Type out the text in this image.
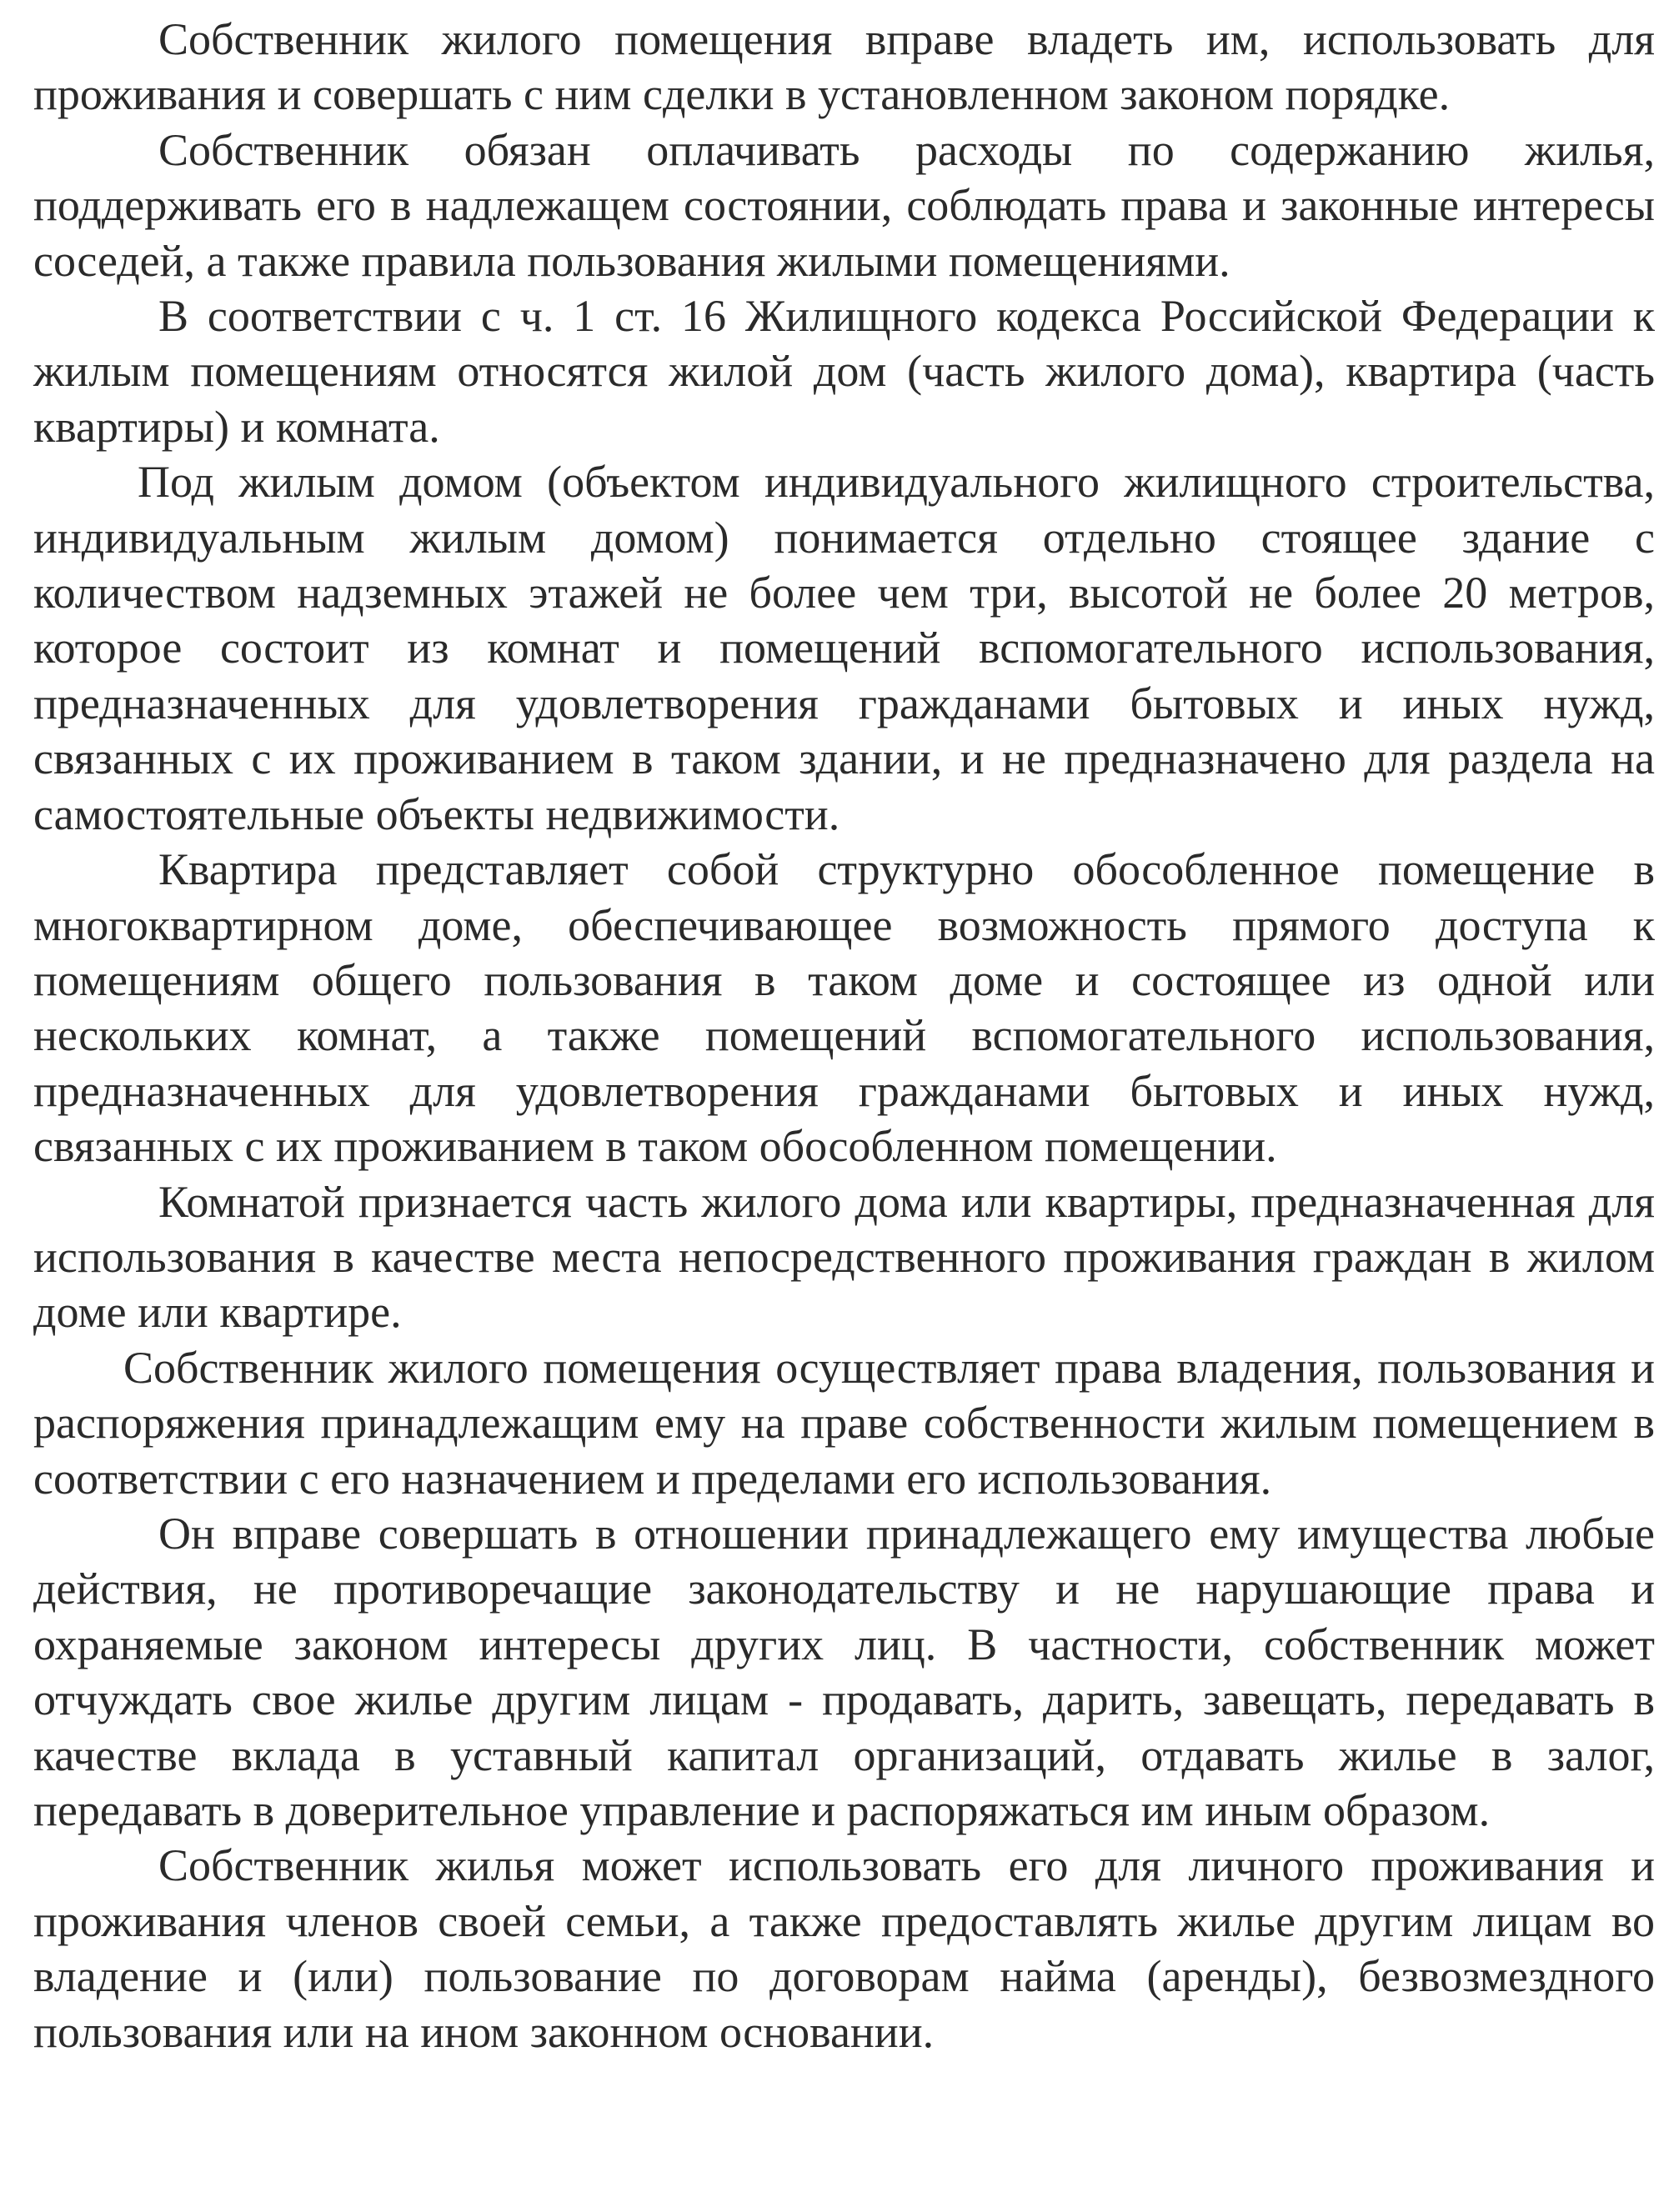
Собственник жилого помещения вправе владеть им, использовать для проживания и совершать с ним сделки в установленном законом порядке.

Собственник обязан оплачивать расходы по содержанию жилья, поддерживать его в надлежащем состоянии, соблюдать права и законные интересы соседей, а также правила пользования жилыми помещениями.

В соответствии с ч. 1 ст. 16 Жилищного кодекса Российской Федерации к жилым помещениям относятся жилой дом (часть жилого дома), квартира (часть квартиры) и комната.

Под жилым домом (объектом индивидуального жилищного строительства, индивидуальным жилым домом) понимается отдельно стоящее здание с количеством надземных этажей не более чем три, высотой не более 20 метров, которое состоит из комнат и помещений вспомогательного использования, предназначенных для удовлетворения гражданами бытовых и иных нужд, связанных с их проживанием в таком здании, и не предназначено для раздела на самостоятельные объекты недвижимости.

Квартира представляет собой структурно обособленное помещение в многоквартирном доме, обеспечивающее возможность прямого доступа к помещениям общего пользования в таком доме и состоящее из одной или нескольких комнат, а также помещений вспомогательного использования, предназначенных для удовлетворения гражданами бытовых и иных нужд, связанных с их проживанием в таком обособленном помещении.

Комнатой признается часть жилого дома или квартиры, предназначенная для использования в качестве места непосредственного проживания граждан в жилом доме или квартире.

Собственник жилого помещения осуществляет права владения, пользования и распоряжения принадлежащим ему на праве собственности жилым помещением в соответствии с его назначением и пределами его использования.

Он вправе совершать в отношении принадлежащего ему имущества любые действия, не противоречащие законодательству и не нарушающие права и охраняемые законом интересы других лиц. В частности, собственник может отчуждать свое жилье другим лицам - продавать, дарить, завещать, передавать в качестве вклада в уставный капитал организаций, отдавать жилье в залог, передавать в доверительное управление и распоряжаться им иным образом.

Собственник жилья может использовать его для личного проживания и проживания членов своей семьи, а также предоставлять жилье другим лицам во владение и (или) пользование по договорам найма (аренды), безвозмездного пользования или на ином законном основании.
